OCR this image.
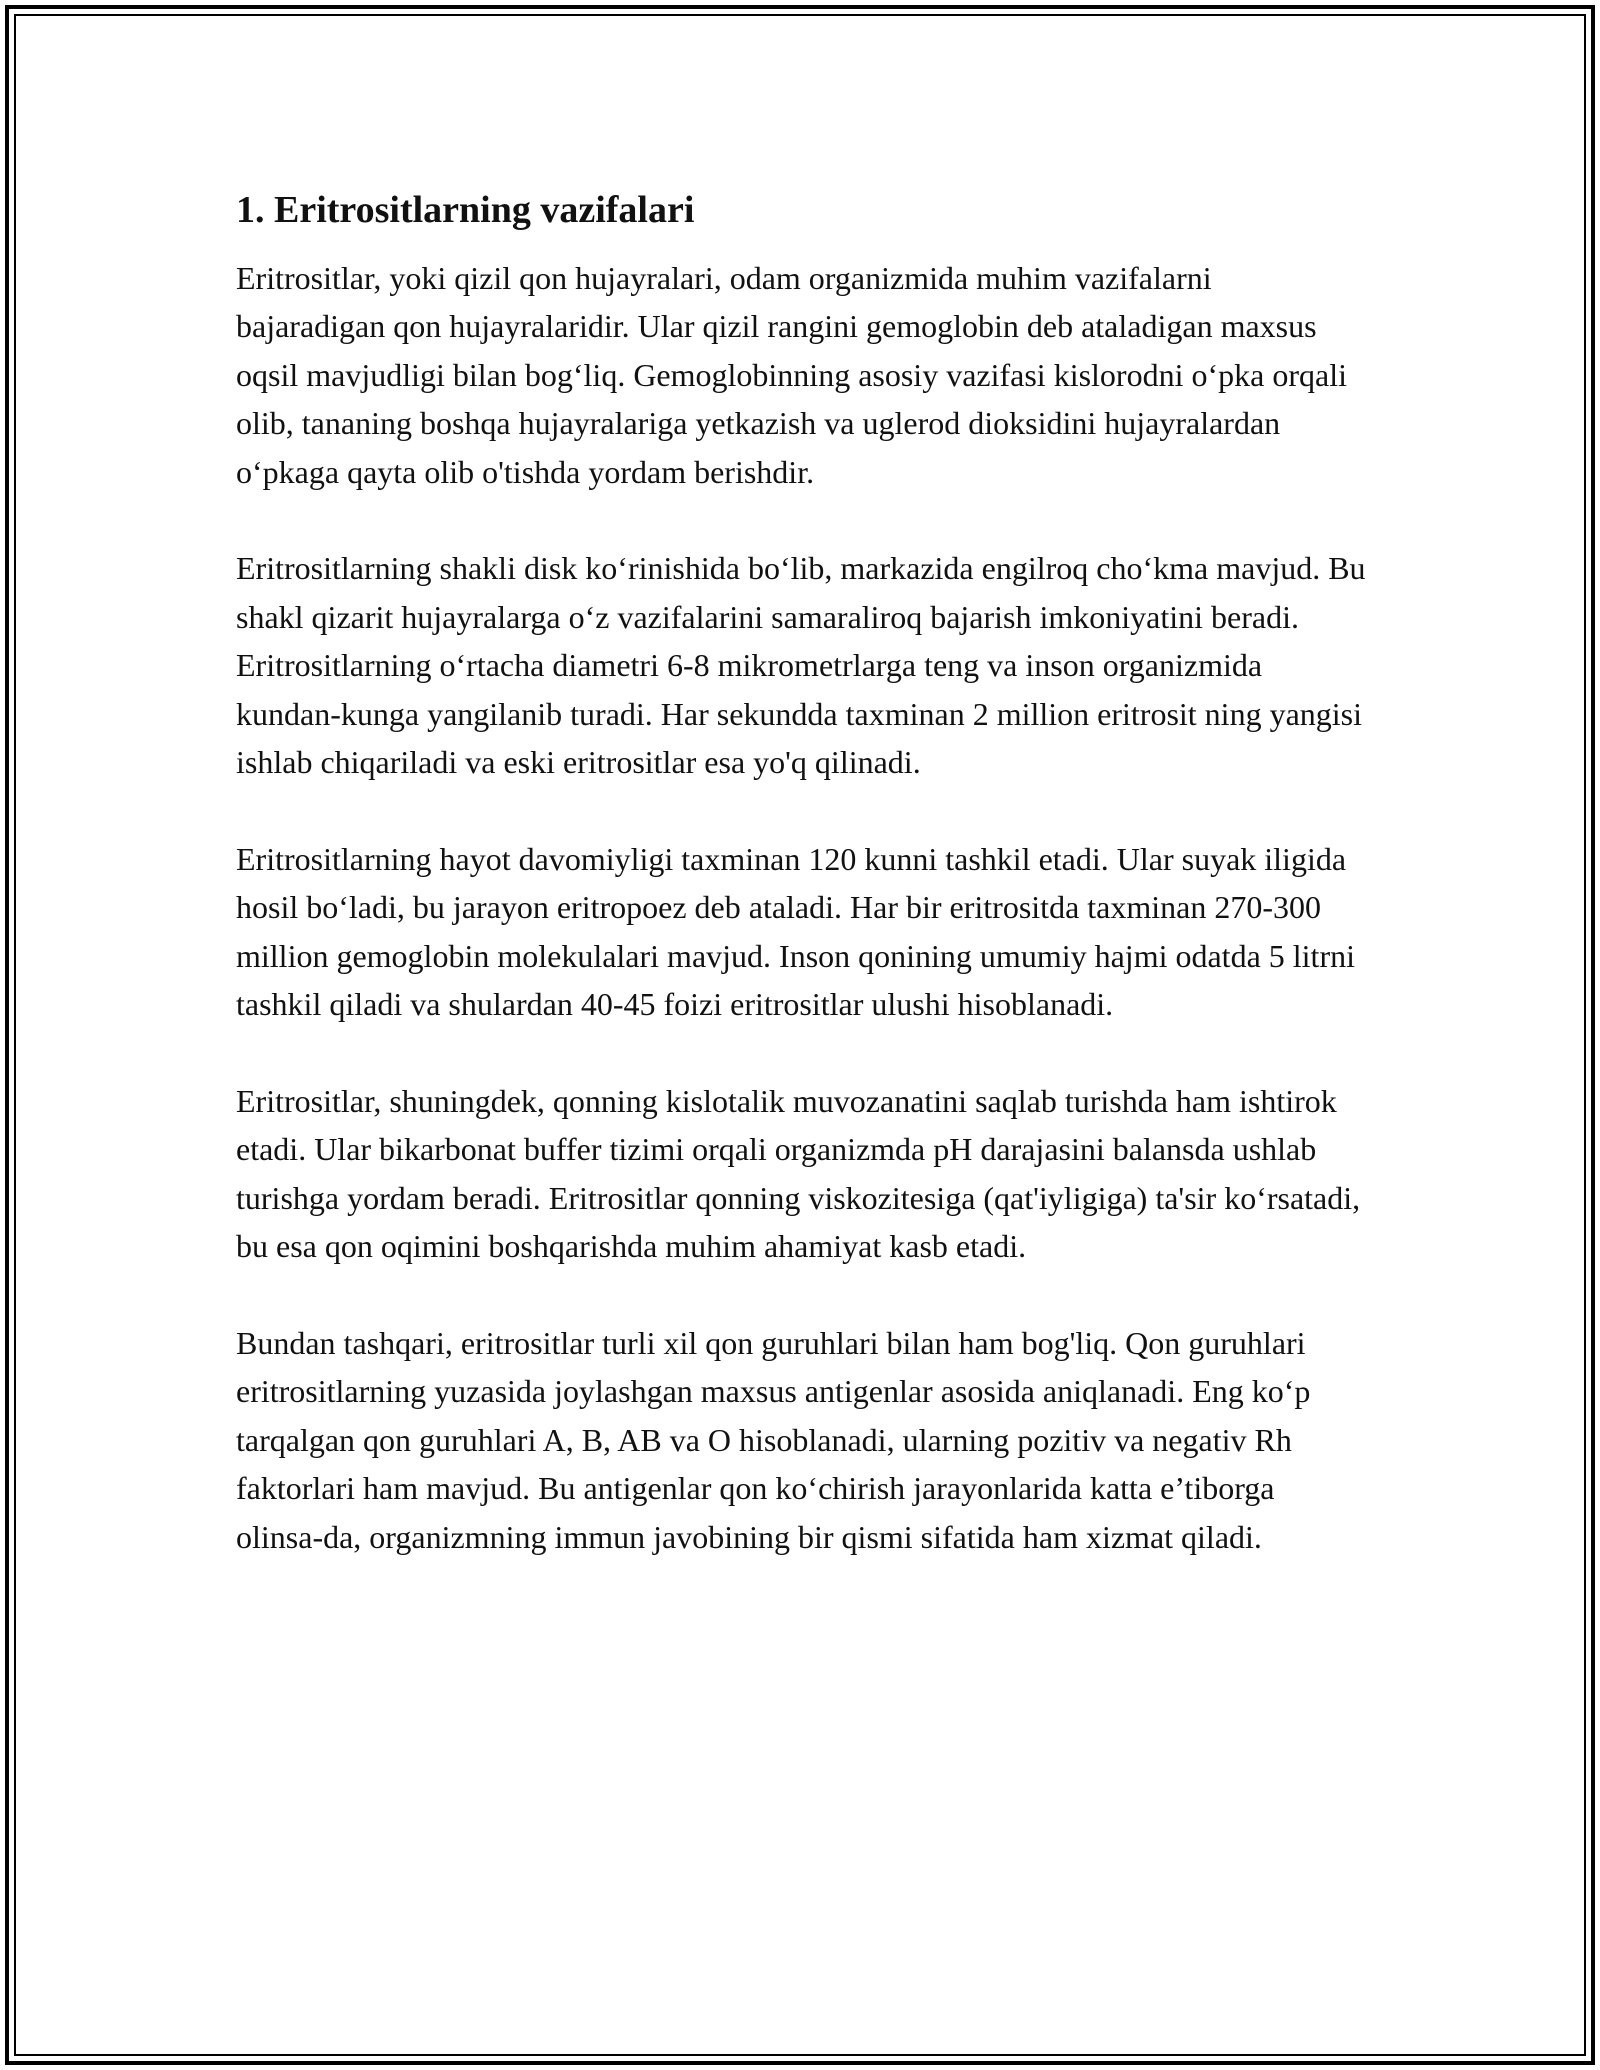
1. Eritrositlarning vazifalari

Eritrositlar, yoki qizil qon hujayralari, odam organizmida muhim vazifalarni bajaradigan qon hujayralaridir. Ular qizil rangini gemoglobin deb ataladigan maxsus oqsil mavjudligi bilan bog‘liq. Gemoglobinning asosiy vazifasi kislorodni o‘pka orqali olib, tananing boshqa hujayralariga yetkazish va uglerod dioksidini hujayralardan o‘pkaga qayta olib o'tishda yordam berishdir.

Eritrositlarning shakli disk ko‘rinishida bo‘lib, markazida engilroq cho‘kma mavjud. Bu shakl qizarit hujayralarga o‘z vazifalarini samaraliroq bajarish imkoniyatini beradi. Eritrositlarning o‘rtacha diametri 6-8 mikrometrlarga teng va inson organizmida kundan-kunga yangilanib turadi. Har sekundda taxminan 2 million eritrosit ning yangisi ishlab chiqariladi va eski eritrositlar esa yo'q qilinadi.

Eritrositlarning hayot davomiyligi taxminan 120 kunni tashkil etadi. Ular suyak iligida hosil bo‘ladi, bu jarayon eritropoez deb ataladi. Har bir eritrositda taxminan 270-300 million gemoglobin molekulalari mavjud. Inson qonining umumiy hajmi odatda 5 litrni tashkil qiladi va shulardan 40-45 foizi eritrositlar ulushi hisoblanadi.

Eritrositlar, shuningdek, qonning kislotalik muvozanatini saqlab turishda ham ishtirok etadi. Ular bikarbonat buffer tizimi orqali organizmda pH darajasini balansda ushlab turishga yordam beradi. Eritrositlar qonning viskozitesiga (qat'iyligiga) ta'sir ko‘rsatadi, bu esa qon oqimini boshqarishda muhim ahamiyat kasb etadi.

Bundan tashqari, eritrositlar turli xil qon guruhlari bilan ham bog'liq. Qon guruhlari eritrositlarning yuzasida joylashgan maxsus antigenlar asosida aniqlanadi. Eng ko‘p tarqalgan qon guruhlari A, B, AB va O hisoblanadi, ularning pozitiv va negativ Rh faktorlari ham mavjud. Bu antigenlar qon ko‘chirish jarayonlarida katta e’tiborga olinsa-da, organizmning immun javobining bir qismi sifatida ham xizmat qiladi.
